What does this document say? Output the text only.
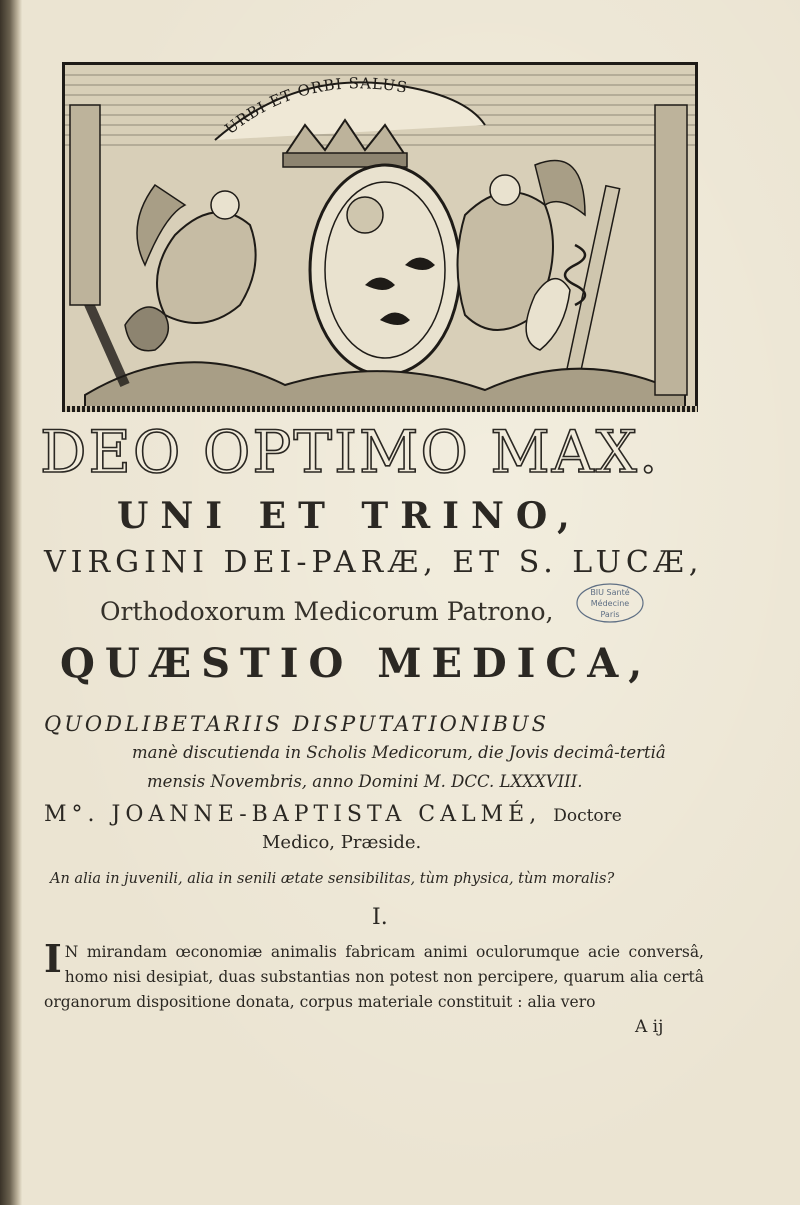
URBI ET ORBI SALUS
DEO OPTIMO MAX.
UNI ET TRINO,
VIRGINI DEI-PARÆ, ET S. LUCÆ,
Orthodoxorum Medicorum Patrono,
BIU Santé
Médecine
Paris
QUÆSTIO MEDICA,
QUODLIBETARIIS DISPUTATIONIBUS
manè discutienda in Scholis Medicorum, die Jovis decimâ-tertiâ
mensis Novembris, anno Domini M. DCC. LXXXVIII.
M°. JOANNE-BAPTISTA CALMÉ, Doctore
Medico, Præside.
An alia in juvenili, alia in senili ætate sensibilitas, tùm physica, tùm moralis?
I.
I N mirandam œconomiæ animalis fabricam animi oculorumque acie conversâ, homo nisi desipiat, duas substantias non potest non percipere, quarum alia certâ organorum dispositione donata, corpus materiale constituit : alia vero
A ij
